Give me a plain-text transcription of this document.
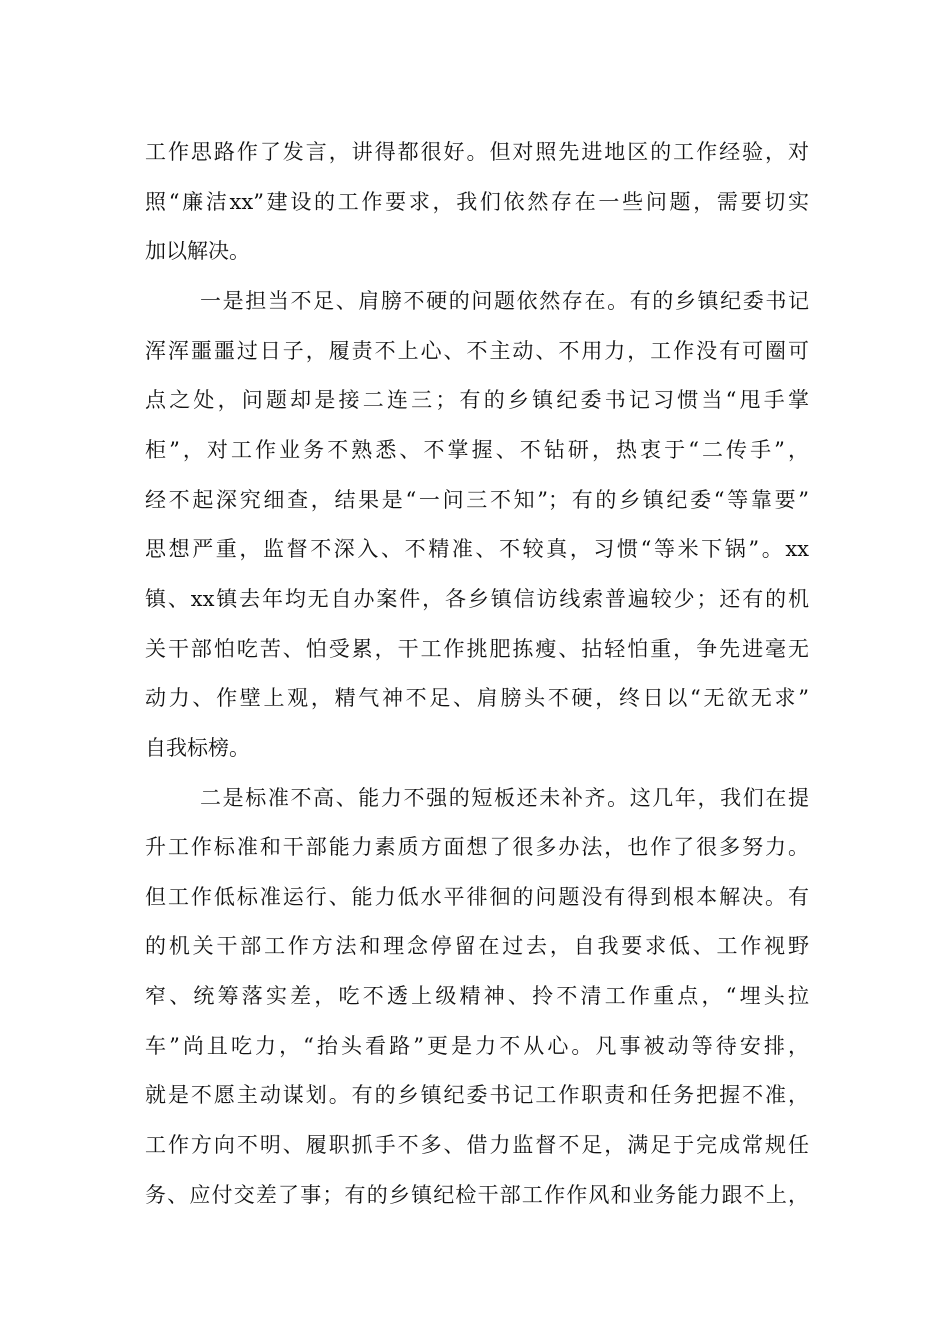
工作思路作了发言，讲得都很好。但对照先进地区的工作经验，对
照“廉洁xx”建设的工作要求，我们依然存在一些问题，需要切实
加以解决。
一是担当不足、肩膀不硬的问题依然存在。有的乡镇纪委书记
浑浑噩噩过日子，履责不上心、不主动、不用力，工作没有可圈可
点之处，问题却是接二连三；有的乡镇纪委书记习惯当“甩手掌
柜”，对工作业务不熟悉、不掌握、不钻研，热衷于“二传手”，
经不起深究细查，结果是“一问三不知”；有的乡镇纪委“等靠要”
思想严重，监督不深入、不精准、不较真，习惯“等米下锅”。xx
镇、xx镇去年均无自办案件，各乡镇信访线索普遍较少；还有的机
关干部怕吃苦、怕受累，干工作挑肥拣瘦、拈轻怕重，争先进毫无
动力、作壁上观，精气神不足、肩膀头不硬，终日以“无欲无求”
自我标榜。
二是标准不高、能力不强的短板还未补齐。这几年，我们在提
升工作标准和干部能力素质方面想了很多办法，也作了很多努力。
但工作低标准运行、能力低水平徘徊的问题没有得到根本解决。有
的机关干部工作方法和理念停留在过去，自我要求低、工作视野
窄、统筹落实差，吃不透上级精神、拎不清工作重点，“埋头拉
车”尚且吃力，“抬头看路”更是力不从心。凡事被动等待安排，
就是不愿主动谋划。有的乡镇纪委书记工作职责和任务把握不准，
工作方向不明、履职抓手不多、借力监督不足，满足于完成常规任
务、应付交差了事；有的乡镇纪检干部工作作风和业务能力跟不上，
